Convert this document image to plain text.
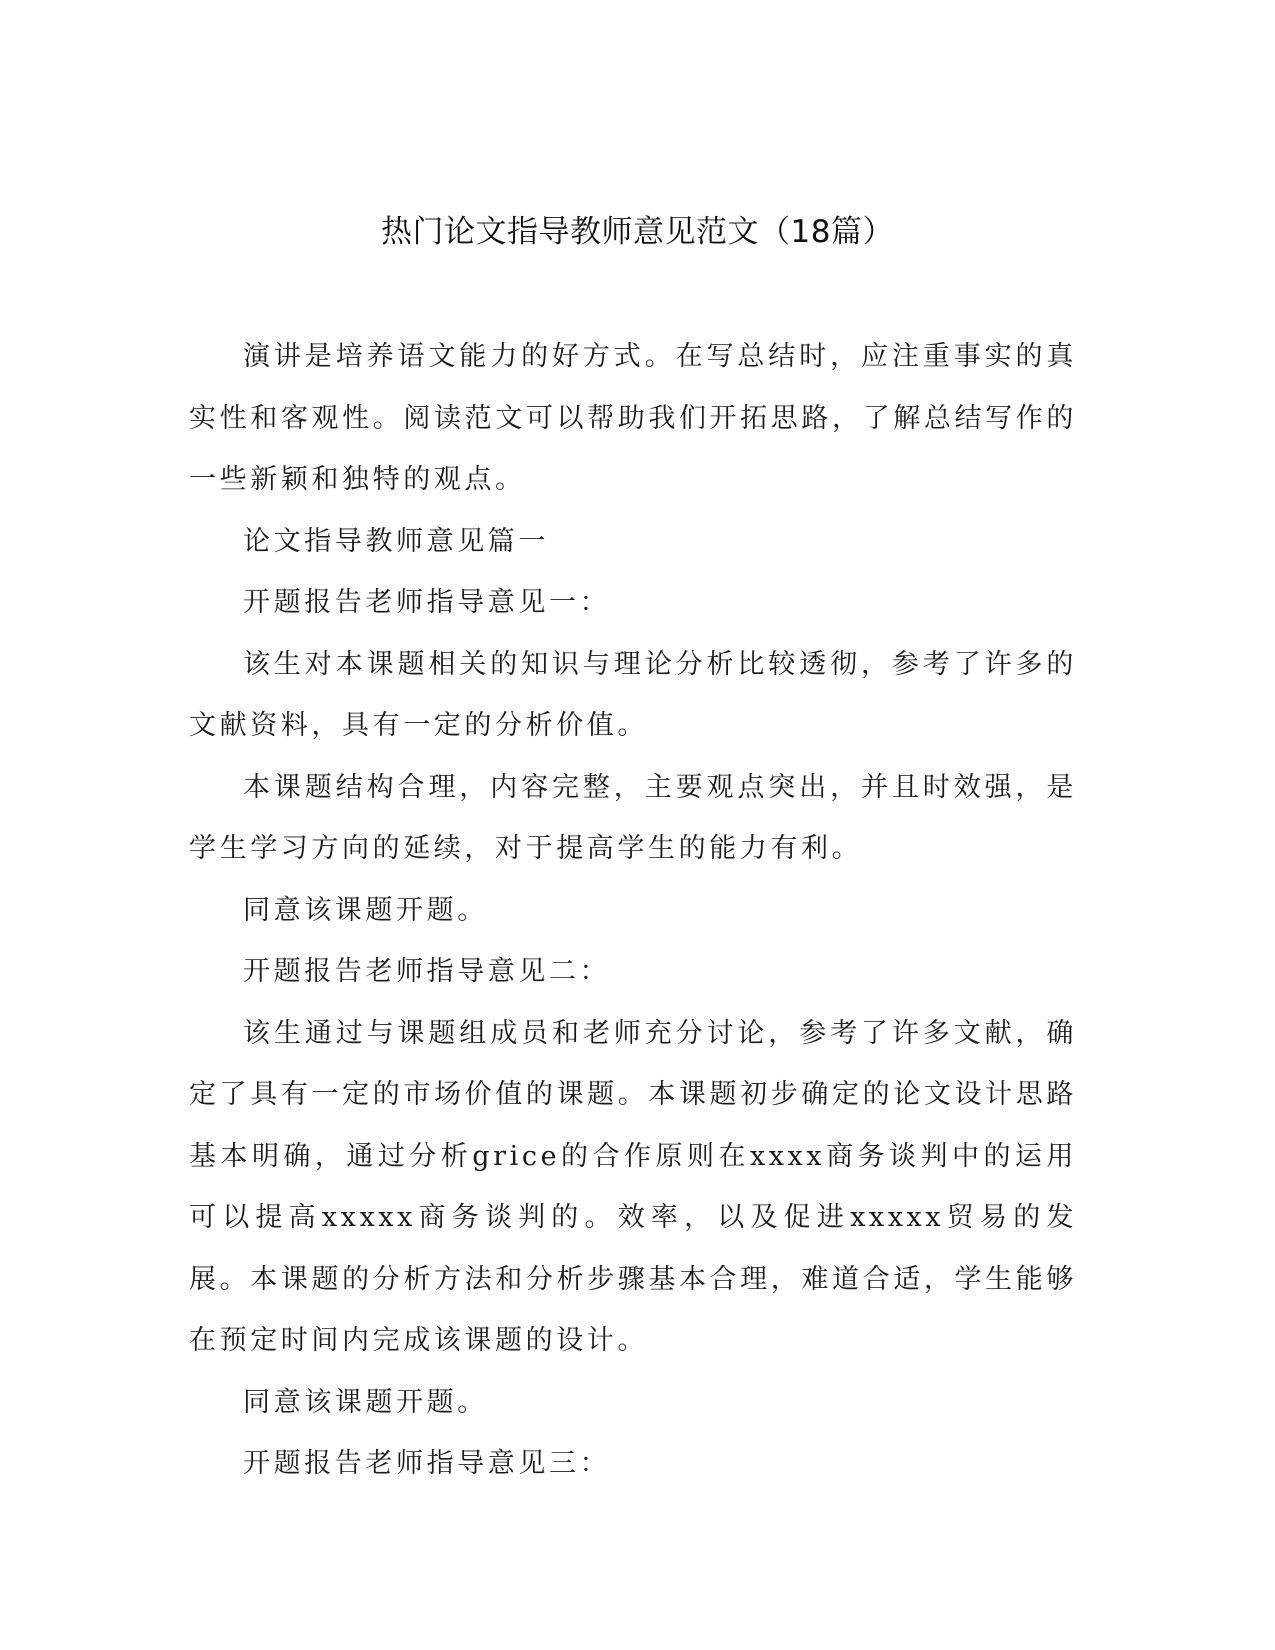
热门论文指导教师意见范文（18篇）

演讲是培养语文能力的好方式。在写总结时，应注重事实的真实性和客观性。阅读范文可以帮助我们开拓思路，了解总结写作的一些新颖和独特的观点。

论文指导教师意见篇一

开题报告老师指导意见一：

该生对本课题相关的知识与理论分析比较透彻，参考了许多的文献资料，具有一定的分析价值。

本课题结构合理，内容完整，主要观点突出，并且时效强，是学生学习方向的延续，对于提高学生的能力有利。

同意该课题开题。

开题报告老师指导意见二：

该生通过与课题组成员和老师充分讨论，参考了许多文献，确定了具有一定的市场价值的课题。本课题初步确定的论文设计思路基本明确，通过分析grice的合作原则在xxxx商务谈判中的运用可以提高xxxxx商务谈判的。效率，以及促进xxxxx贸易的发展。本课题的分析方法和分析步骤基本合理，难道合适，学生能够在预定时间内完成该课题的设计。

同意该课题开题。

开题报告老师指导意见三：
